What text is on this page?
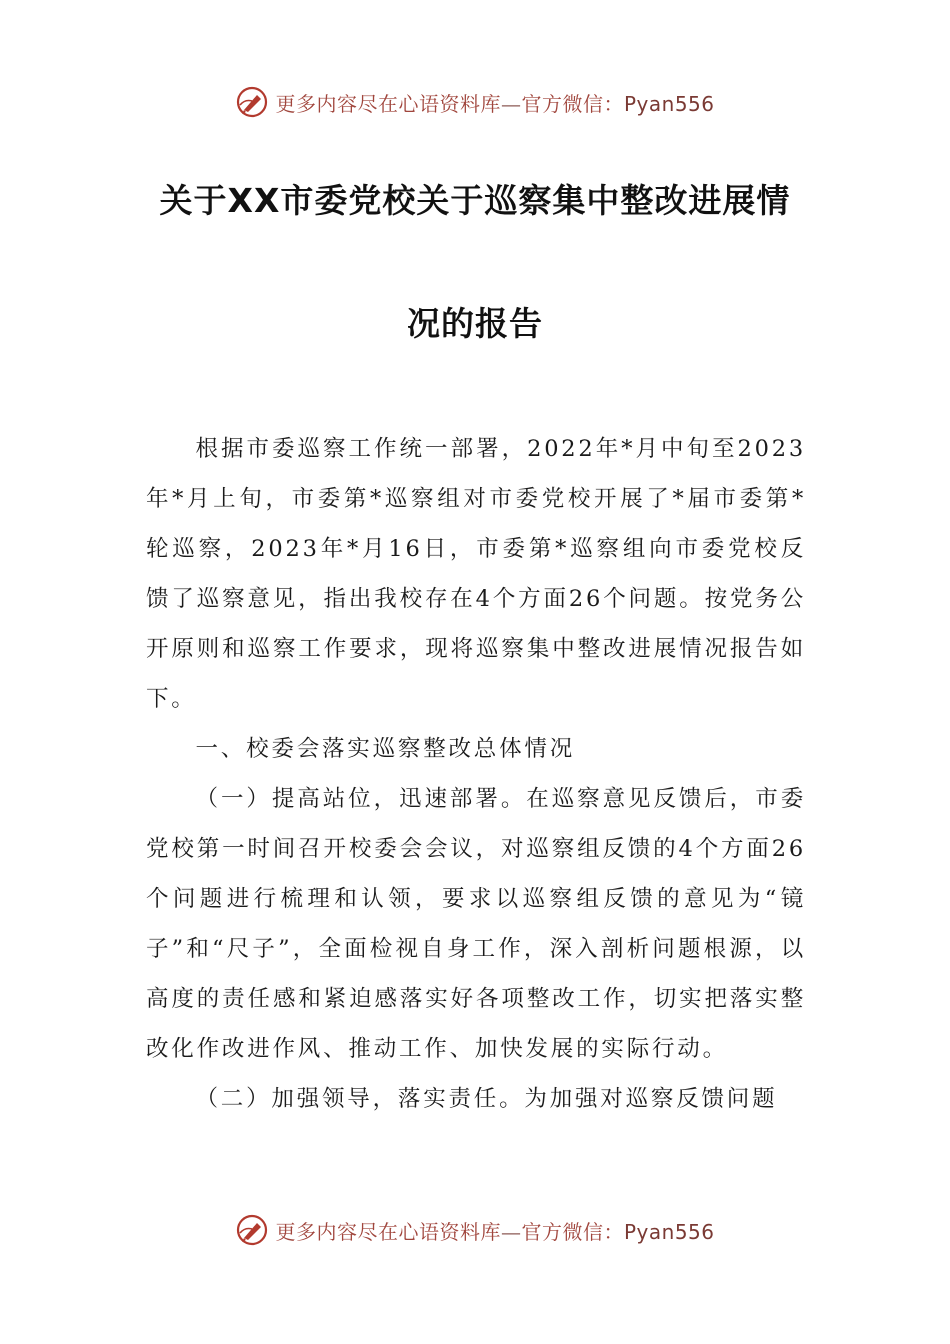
更多内容尽在心语资料库—官方微信：Pyan556
关于XX市委党校关于巡察集中整改进展情
况的报告

根据市委巡察工作统一部署，2022年*月中旬至2023年*月上旬，市委第*巡察组对市委党校开展了*届市委第*轮巡察，2023年*月16日，市委第*巡察组向市委党校反馈了巡察意见，指出我校存在4个方面26个问题。按党务公开原则和巡察工作要求，现将巡察集中整改进展情况报告如下。

一、校委会落实巡察整改总体情况

（一）提高站位，迅速部署。在巡察意见反馈后，市委党校第一时间召开校委会会议，对巡察组反馈的4个方面26个问题进行梳理和认领，要求以巡察组反馈的意见为“镜子”和“尺子”，全面检视自身工作，深入剖析问题根源，以高度的责任感和紧迫感落实好各项整改工作，切实把落实整改化作改进作风、推动工作、加快发展的实际行动。

（二）加强领导，落实责任。为加强对巡察反馈问题

更多内容尽在心语资料库—官方微信：Pyan556
